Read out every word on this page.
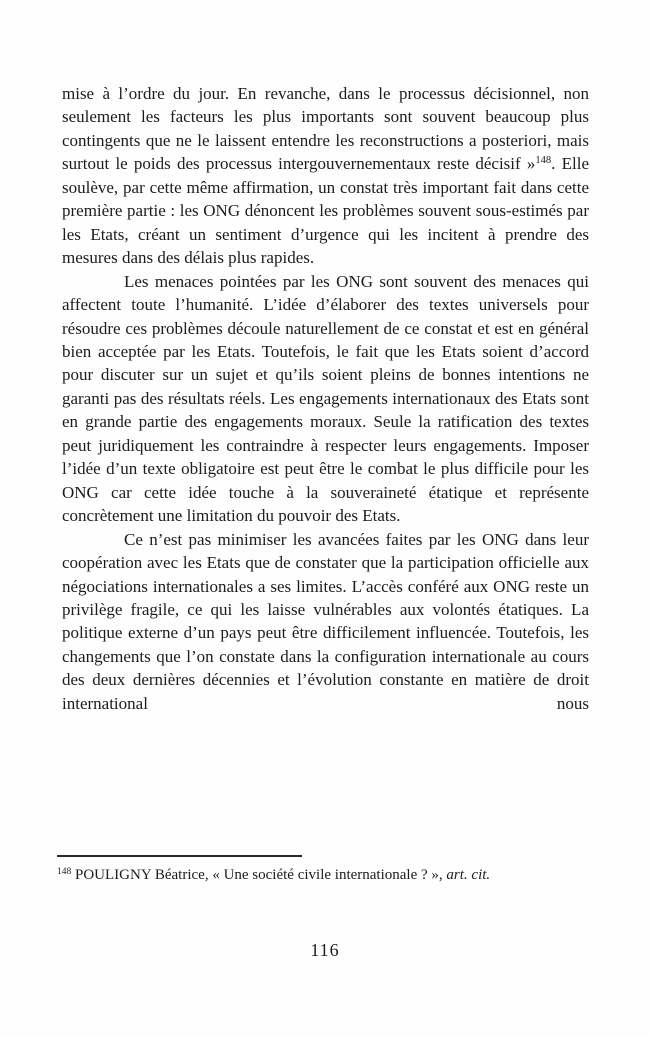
mise à l’ordre du jour. En revanche, dans le processus décisionnel, non seulement les facteurs les plus importants sont souvent beaucoup plus contingents que ne le laissent entendre les reconstructions a posteriori, mais surtout le poids des processus intergouvernementaux reste décisif »$^{148}$. Elle soulève, par cette même affirmation, un constat très important fait dans cette première partie : les ONG dénoncent les problèmes souvent sous-estimés par les Etats, créant un sentiment d’urgence qui les incitent à prendre des mesures dans des délais plus rapides.

Les menaces pointées par les ONG sont souvent des menaces qui affectent toute l’humanité. L’idée d’élaborer des textes universels pour résoudre ces problèmes découle naturellement de ce constat et est en général bien acceptée par les Etats. Toutefois, le fait que les Etats soient d’accord pour discuter sur un sujet et qu’ils soient pleins de bonnes intentions ne garanti pas des résultats réels. Les engagements internationaux des Etats sont en grande partie des engagements moraux. Seule la ratification des textes peut juridiquement les contraindre à respecter leurs engagements. Imposer l’idée d’un texte obligatoire est peut être le combat le plus difficile pour les ONG car cette idée touche à la souveraineté étatique et représente concrètement une limitation du pouvoir des Etats.

Ce n’est pas minimiser les avancées faites par les ONG dans leur coopération avec les Etats que de constater que la participation officielle aux négociations internationales a ses limites. L’accès conféré aux ONG reste un privilège fragile, ce qui les laisse vulnérables aux volontés étatiques. La politique externe d’un pays peut être difficilement influencée. Toutefois, les changements que l’on constate dans la configuration internationale au cours des deux dernières décennies et l’évolution constante en matière de droit international nous

$^{148}$ POULIGNY Béatrice, « Une société civile internationale ? », art. cit.

116
